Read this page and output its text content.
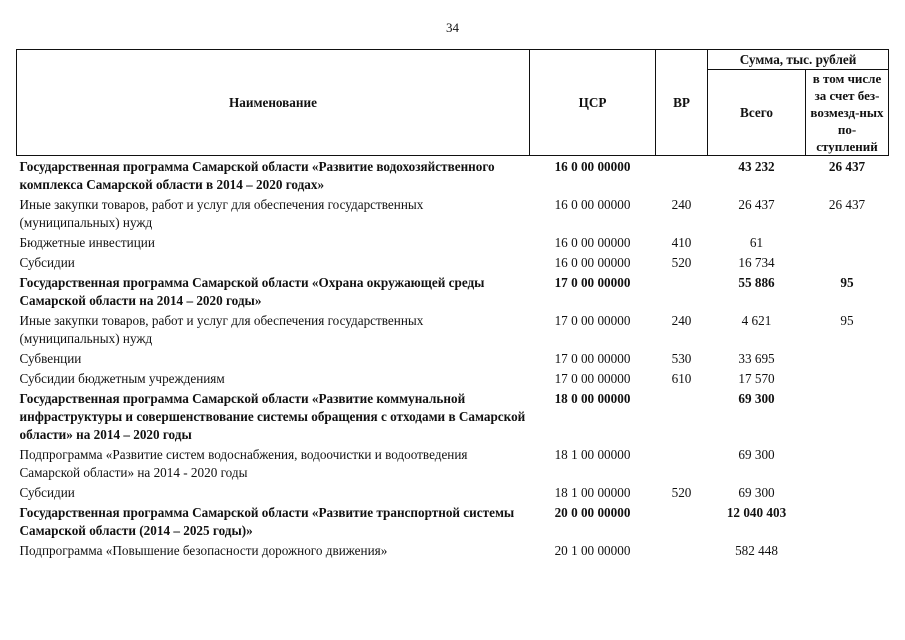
34
Наименование	ЦСР	ВР	Сумма, тыс. рублей	
			Всего	в том числе за счет без-возмезд-ных по-ступлений
Государственная программа Самарской области «Развитие водохозяйственного комплекса Самарской области в 2014 – 2020 годах»	16 0 00 00000		43 232	26 437
Иные закупки товаров, работ и услуг для обеспечения государственных (муниципальных) нужд	16 0 00 00000	240	26 437	26 437
Бюджетные инвестиции	16 0 00 00000	410	61	
Субсидии	16 0 00 00000	520	16 734	
Государственная программа Самарской области «Охрана окружающей среды Самарской области на 2014 – 2020 годы»	17 0 00 00000		55 886	95
Иные закупки товаров, работ и услуг для обеспечения государственных (муниципальных) нужд	17 0 00 00000	240	4 621	95
Субвенции	17 0 00 00000	530	33 695	
Субсидии бюджетным учреждениям	17 0 00 00000	610	17 570	
Государственная программа Самарской области «Развитие коммунальной инфраструктуры и совершенствование системы обращения с отходами в Самарской области» на 2014 – 2020 годы	18 0 00 00000		69 300	
Подпрограмма «Развитие систем водоснабжения, водоочистки и водоотведения Самарской области» на 2014 - 2020 годы	18 1 00 00000		69 300	
Субсидии	18 1 00 00000	520	69 300	
Государственная программа Самарской области «Развитие транспортной системы Самарской области (2014 – 2025 годы)»	20 0 00 00000		12 040 403	
Подпрограмма «Повышение безопасности дорожного движения»	20 1 00 00000		582 448	
